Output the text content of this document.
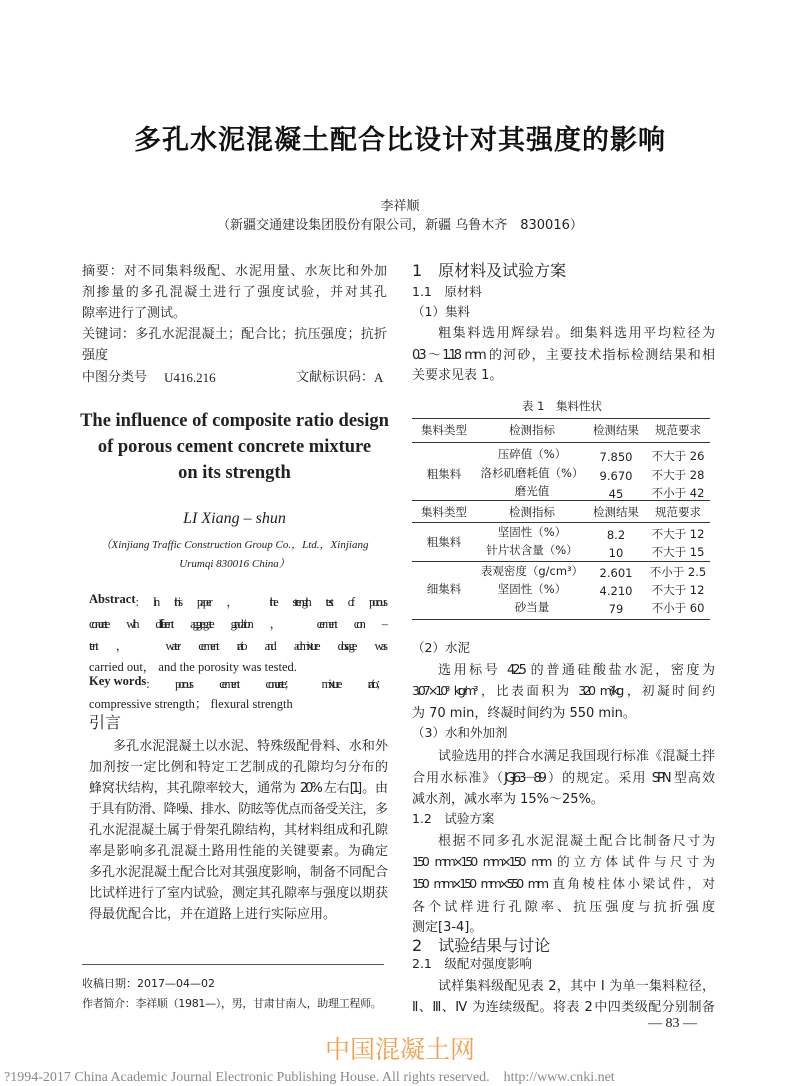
多孔水泥混凝土配合比设计对其强度的影响
李祥顺
（新疆交通建设集团股份有限公司，新疆 乌鲁木齐　830016）
摘要：对不同集料级配、水泥用量、水灰比和外加
剂掺量的多孔混凝土进行了强度试验，并对其孔
隙率进行了测试。
关键词：多孔水泥混凝土；配合比；抗压强度；抗折
强度
中图分类号 U416.216	文献标识码： A
The influence of composite ratio design
of porous cement concrete mixture
on its strength
LI Xiang – shun
（Xinjiang Traffic Construction Group Co.，Ltd.，Xinjiang
Urumqi 830016 China）
Abstract : In this paper， the strength test of porous
concrete with different aggregate gradation， cement con –
tent， water cement ratio and admixture dosage was
carried out， and the porosity was tested.
Key words : porous cement concrete； mixture ratio；
compressive strength； flexural strength
引言
多孔水泥混凝土以水泥、特殊级配骨料、水和外
加剂按一定比例和特定工艺制成的孔隙均匀分布的
蜂窝状结构，其孔隙率较大，通常为 20% 左右[1]。由
于具有防滑、降噪、排水、防眩等优点而备受关注，多
孔水泥混凝土属于骨架孔隙结构，其材料组成和孔隙
率是影响多孔混凝土路用性能的关键要素。为确定
多孔水泥混凝土配合比对其强度影响，制备不同配合
比试样进行了室内试验，测定其孔隙率与强度以期获
得最优配合比，并在道路上进行实际应用。
收稿日期：2017—04—02
作者简介：李祥顺（1981—），男，甘肃甘南人，助理工程师。
1　原材料及试验方案
1.1　原材料
（1）集料
粗集料选用辉绿岩。细集料选用平均粒径为
0.3～1.18 mm 的河砂，主要技术指标检测结果和相
关要求见表 1。
表 1　集料性状
集料类型	检测指标	检测结果	规范要求
粗集料
压碎值（%）	7.850	不大于 26
洛杉矶磨耗值（%）	9.670	不大于 28
磨光值	45	不小于 42
集料类型	检测指标	检测结果	规范要求
粗集料
坚固性（%）	8.2	不大于 12
针片状含量（%）	10	不大于 15
细集料
表观密度（g/cm³）	2.601	不小于 2.5
坚固性（%）	4.210	不大于 12
砂当量	79	不小于 60
（2）水泥
选用标号 42.5 的普通硅酸盐水泥，密度为
3.07×10³ kg/m³，比表面积为 320 m²/kg，初凝时间约
为 70 min，终凝时间约为 550 min。
（3）水和外加剂
试验选用的拌合水满足我国现行标准《混凝土拌
合用水标准》（JGJ63－89）的规定。采用 SPN 型高效
减水剂，减水率为 15%～25%。
1.2　试验方案
根据不同多孔水泥混凝土配合比制备尺寸为
150 mm×150 mm×150 mm 的立方体试件与尺寸为
150 mm×150 mm×550 mm 直角棱柱体小梁试件，对
各个试样进行孔隙率、抗压强度与抗折强度
测定[3-4]。
2　试验结果与讨论
2.1　级配对强度影响
试样集料级配见表 2，其中 Ⅰ 为单一集料粒径，
Ⅱ、Ⅲ、Ⅳ 为连续级配。将表 2 中四类级配分别制备
— 83 —
中国混凝土网
?1994-2017 China Academic Journal Electronic Publishing House. All rights reserved.　http://www.cnki.net
